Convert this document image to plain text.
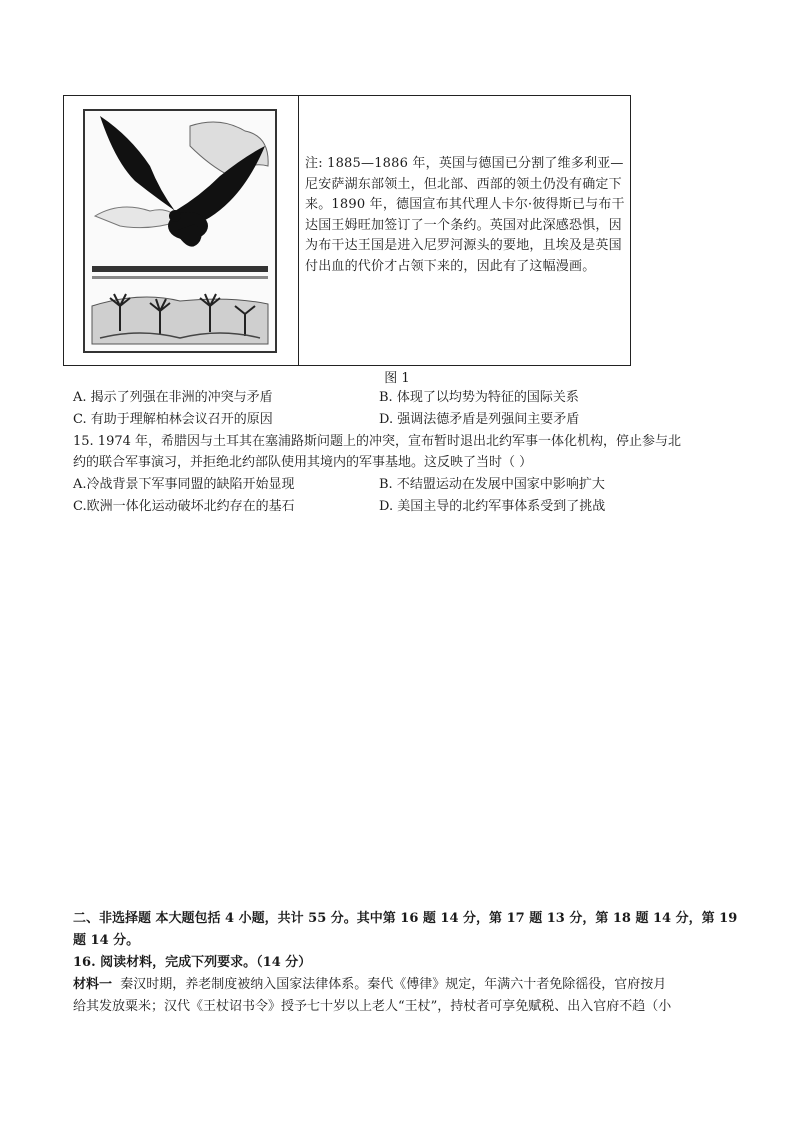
注: 1885—1886 年，英国与德国已分割了维多利亚—尼安萨湖东部领土，但北部、西部的领土仍没有确定下来。1890 年，德国宣布其代理人卡尔·彼得斯已与布干达国王姆旺加签订了一个条约。英国对此深感恐惧，因为布干达王国是进入尼罗河源头的要地，且埃及是英国付出血的代价才占领下来的，因此有了这幅漫画。
图 1
A. 揭示了列强在非洲的冲突与矛盾	B. 体现了以均势为特征的国际关系
C. 有助于理解柏林会议召开的原因	D. 强调法德矛盾是列强间主要矛盾
15. 1974 年，希腊因与土耳其在塞浦路斯问题上的冲突，宣布暂时退出北约军事一体化机构，停止参与北
约的联合军事演习，并拒绝北约部队使用其境内的军事基地。这反映了当时（ ）
A.冷战背景下军事同盟的缺陷开始显现	B. 不结盟运动在发展中国家中影响扩大
C.欧洲一体化运动破坏北约存在的基石	D. 美国主导的北约军事体系受到了挑战
二、非选择题 本大题包括 4 小题，共计 55 分。其中第 16 题 14 分，第 17 题 13 分，第 18 题 14 分，第 19
题 14 分。
16. 阅读材料，完成下列要求。（14 分）
材料一 秦汉时期，养老制度被纳入国家法律体系。秦代《傅律》规定，年满六十者免除徭役，官府按月
给其发放粟米；汉代《王杖诏书令》授予七十岁以上老人“王杖”，持杖者可享免赋税、出入官府不趋（小
